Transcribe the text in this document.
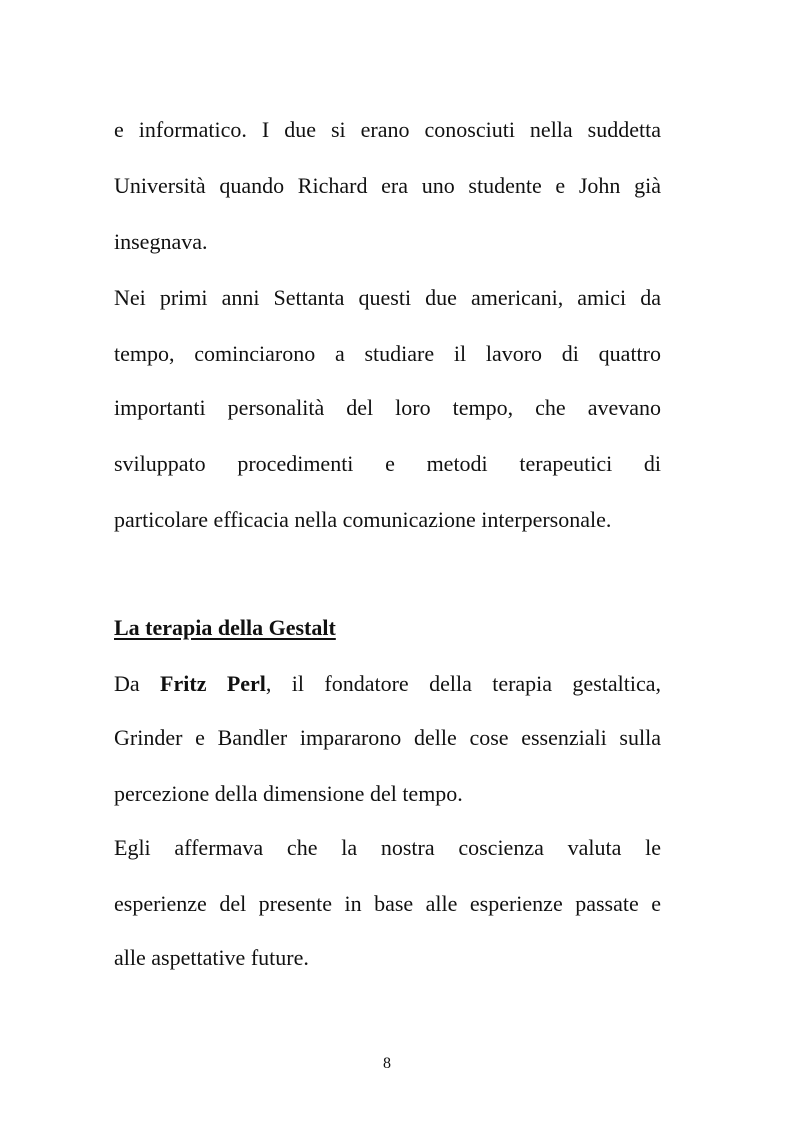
e informatico. I due si erano conosciuti nella suddetta
Università quando Richard era uno studente e John già
insegnava.
Nei primi anni Settanta questi due americani, amici da
tempo, cominciarono a studiare il lavoro di quattro
importanti personalità del loro tempo, che avevano
sviluppato procedimenti e metodi terapeutici di
particolare efficacia nella comunicazione interpersonale.
La terapia della Gestalt
Da Fritz Perl, il fondatore della terapia gestaltica,
Grinder e Bandler impararono delle cose essenziali sulla
percezione della dimensione del tempo.
Egli affermava che la nostra coscienza valuta le
esperienze del presente in base alle esperienze passate e
alle aspettative future.
8
